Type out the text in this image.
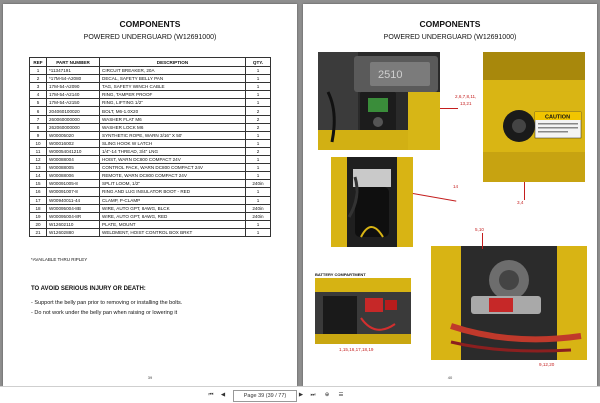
COMPONENTS
POWERED UNDERGUARD (W12691000)
REF	PART NUMBER	DESCRIPTION	QTY.
1	*11347191	CIRCUIT BREAKER, 20A	1
2	*17M-54-A2080	DECAL, SAFETY BELLY PAN	1
3	17M-54-A2090	TAG, SAFETY WINCH CABLE	1
4	17M-54-A2140	RING, TAMPER PROOF	1
5	17M-54-A2150	RING, LIFTING 1/2"	1
6	204060100020	BOLT, M6-1.0X20	2
7	260060000000	WASHER FLAT M6	2
8	262060000000	WASHER LOCK M6	2
9	W00005020	SYNTHETIC ROPE, WARN 3/16" X 50'	1
10	W00016002	SLING HOOK W LATCH	1
11	W00054041210	1/4"-14 THREAD, 3/4" LNG	2
12	W00088004	HOIST, WARN DC800 COMPACT 24V	1
13	W00088005	CONTROL PACK, WARN DC800 COMPACT 24V	1
14	W00088006	REMOTE, WARN DC800 COMPACT 24V	1
15	W00091005-8	SPLIT LOOM, 1/2"	240in
16	W00091007-8	RING AND LUG INSULATOR BOOT - RED	1
17	W00940011-44	CLAMP, P-CLAMP	1
18	W00095004-8B	WIRE, AUTO GPT, 8AWG, BLCK	240in
19	W00095004-8R	WIRE, AUTO GPT, 8AWG, RED	240in
20	W12602110	PLATE, MOUNT	1
21	W12602880	WELDMENT, HOIST CONTROL BOX BRKT	1
*AVAILABLE THRU RIPLEY
TO AVOID SERIOUS INJURY OR DEATH:
- Support the belly pan prior to removing or installing the bolts.
- Do not work under the belly pan when raising or lowering it
39
COMPONENTS
POWERED UNDERGUARD (W12691000)
2510
CAUTION
BATTERY COMPARTMENT
2,6,7,8,11,
13,21
14
3,4
5,10
1,15,16,17,18,19
9,12,20
40
⏮	◀	Page 39 (39 / 77)	▶	⏭	⊕	☰
